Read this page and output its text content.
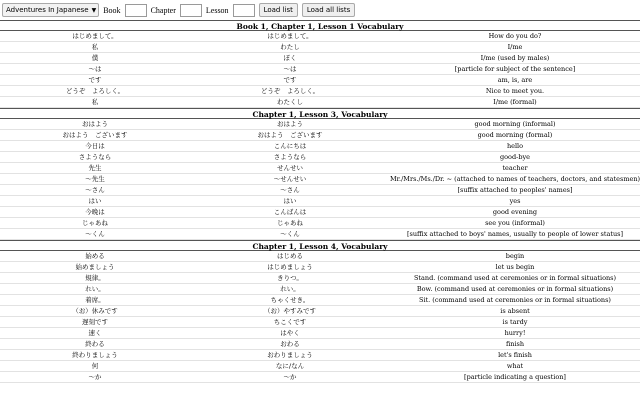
Adventures In Japanese ▼ Book	Chapter	Lesson	Load list	Load all lists
Book 1, Chapter 1, Lesson 1 Vocabulary
はじめまして。	はじめまして。	How do you do?
私	わたし	I/me
僕	ぼく	I/me (used by males)
～は	～は	[particle for subject of the sentence]
です	です	am, is, are
どうぞ　よろしく。	どうぞ　よろしく。	Nice to meet you.
私	わたくし	I/me (formal)
Chapter 1, Lesson 3, Vocabulary
おはよう	おはよう	good morning (informal)
おはよう　ございます	おはよう　ございます	good morning (formal)
今日は	こんにちは	hello
さようなら	さようなら	good-bye
先生	せんせい	teacher
～先生	～せんせい	Mr./Mrs./Ms./Dr. ~ (attached to names of teachers, doctors, and statesmen)
～さん	～さん	[suffix attached to peoples' names]
はい	はい	yes
今晩は	こんばんは	good evening
じゃあね	じゃあね	see you (informal)
～くん	～くん	[suffix attached to boys' names, usually to people of lower status]
Chapter 1, Lesson 4, Vocabulary
始める	はじめる	begin
始めましょう	はじめましょう	let us begin
規律。	きりつ。	Stand. (command used at ceremonies or in formal situations)
れい。	れい。	Bow. (command used at ceremonies or in formal situations)
着席。	ちゃくせき。	Sit. (command used at ceremonies or in formal situations)
（お）休みです	（お）やすみです	is absent
遅刻です	ちこくです	is tardy
速く	はやく	hurry!
終わる	おわる	finish
終わりましょう	おわりましょう	let's finish
何	なに/なん	what
～か	～か	[particle indicating a question]
